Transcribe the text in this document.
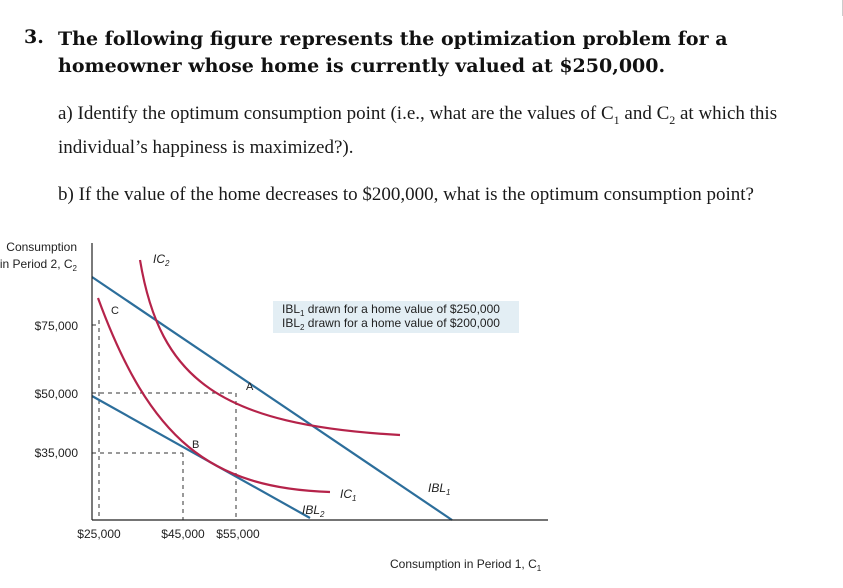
3. The following figure represents the optimization problem for a homeowner whose home is currently valued at $250,000.
a) Identify the optimum consumption point (i.e., what are the values of $C_1$ and $C_2$ at which this individual’s happiness is maximized?).
b) If the value of the home decreases to $200,000, what is the optimum consumption point?
$IBL_1$ drawn for a home value of $250,000
$IBL_2$ drawn for a home value of $200,000
$75,000
$50,000
$35,000
$25,000	$45,000 $55,000
Consumption
in Period 2, $C_2$
Consumption in Period 1, $C_1$
C
A
B
$IC_2$
$IC_1$
$IBL_1$
$IBL_2$
